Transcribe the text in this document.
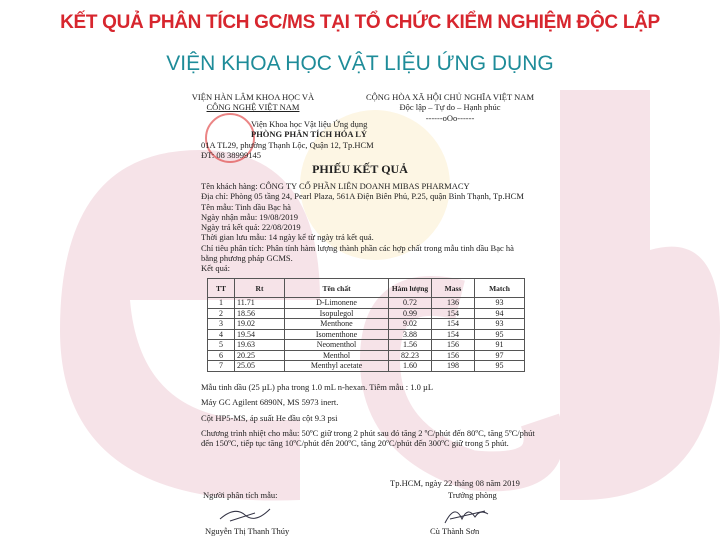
KẾT QUẢ PHÂN TÍCH GC/MS TẠI TỔ CHỨC KIỂM NGHIỆM ĐỘC LẬP
VIỆN KHOA HỌC VẬT LIỆU ỨNG DỤNG
VIỆN HÀN LÂM KHOA HỌC VÀ
CÔNG NGHỆ VIỆT NAM
CỘNG HÒA XÃ HỘI CHỦ NGHĨA VIỆT NAM
Độc lập – Tự do – Hạnh phúc
------oOo------
Viện Khoa học Vật liệu Ứng dụng
PHÒNG PHÂN TÍCH HÓA LÝ
01A TL29, phường Thạnh Lộc, Quận 12, Tp.HCM
ĐT: 08 38999145
PHIẾU KẾT QUẢ
Tên khách hàng: CÔNG TY CỔ PHẦN LIÊN DOANH MIBAS PHARMACY
Địa chỉ: Phòng 05 tầng 24, Pearl Plaza, 561A Điện Biên Phủ, P.25, quận Bình Thạnh, Tp.HCM
Tên mẫu: Tinh dầu Bạc hà
Ngày nhận mẫu: 19/08/2019
Ngày trả kết quả: 22/08/2019
Thời gian lưu mẫu: 14 ngày kể từ ngày trả kết quả.
Chỉ tiêu phân tích: Phân tính hàm lượng thành phần các hợp chất trong mẫu tinh dầu Bạc hà bằng phương pháp GCMS.
Kết quả:
TT	Rt	Tên chất	Hàm lượng	Mass	Match
1	11.71	D-Limonene	0.72	136	93
2	18.56	Isopulegol	0.99	154	94
3	19.02	Menthone	9.02	154	93
4	19.54	Isomenthone	3.88	154	95
5	19.63	Neomenthol	1.56	156	91
6	20.25	Menthol	82.23	156	97
7	25.05	Menthyl acetate	1.60	198	95
Mẫu tinh dầu (25 µL) pha trong 1.0 mL n-hexan. Tiêm mẫu : 1.0 µL
Máy GC Agilent 6890N, MS 5973 inert.
Cột HP5-MS, áp suất He đầu cột 9.3 psi
Chương trình nhiệt cho mẫu: 50ºC giữ trong 2 phút sau đó tăng 2 ºC/phút đến 80ºC, tăng 5ºC/phút đến 150ºC, tiếp tục tăng 10ºC/phút đến 200ºC, tăng 20ºC/phút đến 300ºC giữ trong 5 phút.
Tp.HCM, ngày 22 tháng 08 năm 2019
Người phân tích mẫu:	Trưởng phòng
Nguyễn Thị Thanh Thúy	Cù Thành Sơn
